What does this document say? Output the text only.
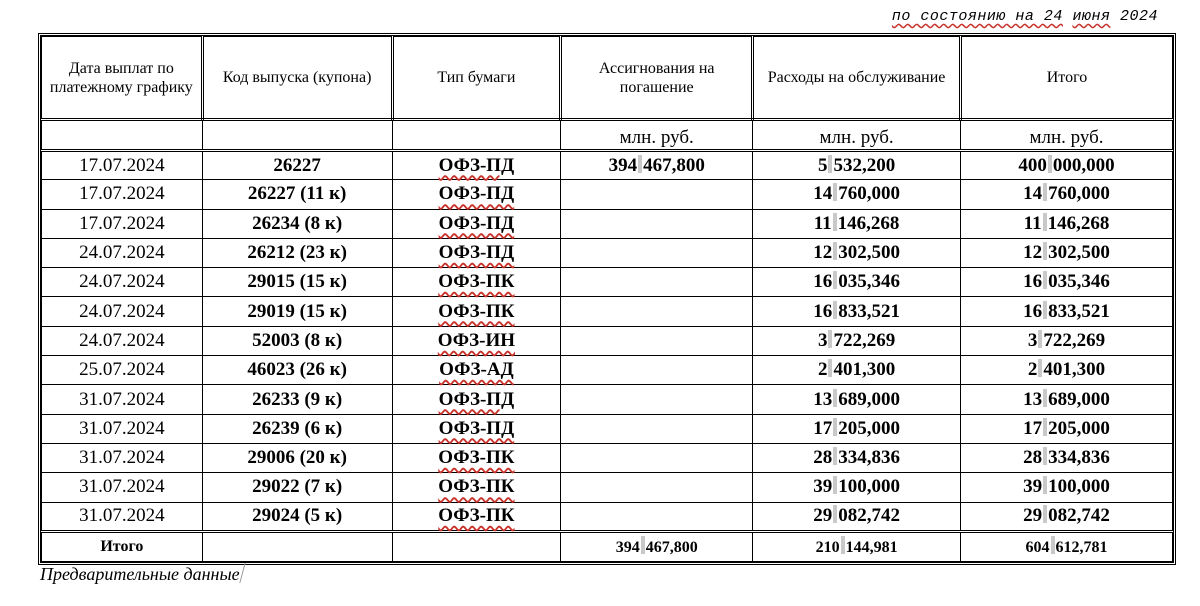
по состоянию на 24 июня 2024
Дата выплат по платежному графику	Код выпуска (купона)	Тип бумаги	Ассигнования на погашение	Расходы на обслуживание	Итого
			млн. руб.	млн. руб.	млн. руб.
17.07.2024	26227	ОФЗ-ПД	394 467,800	5 532,200	400 000,000
17.07.2024	26227 (11 к)	ОФЗ-ПД		14 760,000	14 760,000
17.07.2024	26234 (8 к)	ОФЗ-ПД		11 146,268	11 146,268
24.07.2024	26212 (23 к)	ОФЗ-ПД		12 302,500	12 302,500
24.07.2024	29015 (15 к)	ОФЗ-ПК		16 035,346	16 035,346
24.07.2024	29019 (15 к)	ОФЗ-ПК		16 833,521	16 833,521
24.07.2024	52003 (8 к)	ОФЗ-ИН		3 722,269	3 722,269
25.07.2024	46023 (26 к)	ОФЗ-АД		2 401,300	2 401,300
31.07.2024	26233 (9 к)	ОФЗ-ПД		13 689,000	13 689,000
31.07.2024	26239 (6 к)	ОФЗ-ПД		17 205,000	17 205,000
31.07.2024	29006 (20 к)	ОФЗ-ПК		28 334,836	28 334,836
31.07.2024	29022 (7 к)	ОФЗ-ПК		39 100,000	39 100,000
31.07.2024	29024 (5 к)	ОФЗ-ПК		29 082,742	29 082,742
Итого			394 467,800	210 144,981	604 612,781
Предварительные данные
